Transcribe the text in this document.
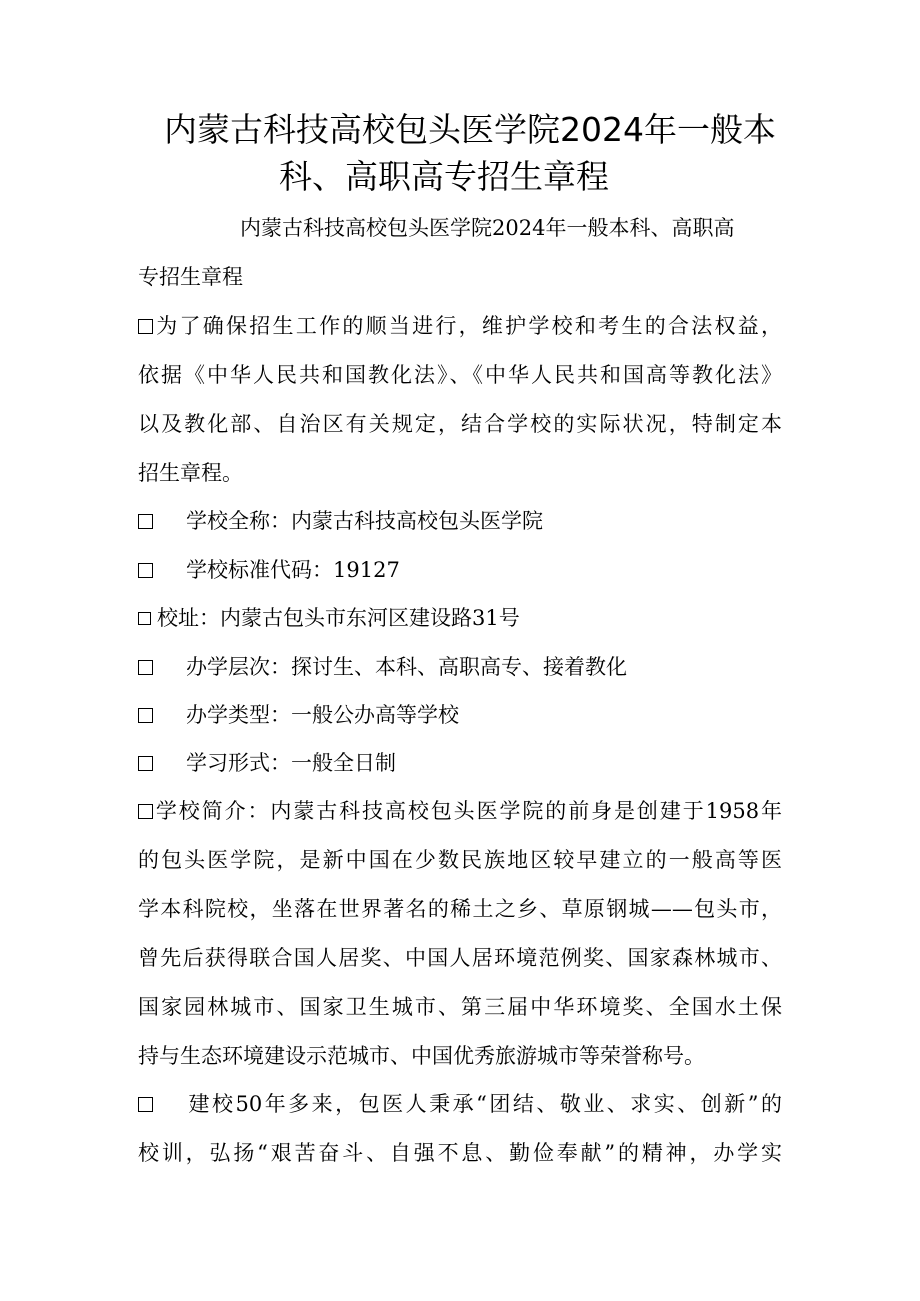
内蒙古科技高校包头医学院2024年一般本
科、高职高专招生章程
内蒙古科技高校包头医学院2024年一般本科、高职高
专招生章程
为了确保招生工作的顺当进行，维护学校和考生的合法权益，
依据《中华人民共和国教化法》、《中华人民共和国高等教化法》
以及教化部、自治区有关规定，结合学校的实际状况，特制定本
招生章程。
学校全称：内蒙古科技高校包头医学院
学校标准代码：19127
校址：内蒙古包头市东河区建设路31号
办学层次：探讨生、本科、高职高专、接着教化
办学类型：一般公办高等学校
学习形式：一般全日制
学校简介：内蒙古科技高校包头医学院的前身是创建于1958年
的包头医学院，是新中国在少数民族地区较早建立的一般高等医
学本科院校，坐落在世界著名的稀土之乡、草原钢城——包头市，
曾先后获得联合国人居奖、中国人居环境范例奖、国家森林城市、
国家园林城市、国家卫生城市、第三届中华环境奖、全国水土保
持与生态环境建设示范城市、中国优秀旅游城市等荣誉称号。
建校50年多来，包医人秉承“团结、敬业、求实、创新”的
校训，弘扬“艰苦奋斗、自强不息、勤俭奉献”的精神，办学实
